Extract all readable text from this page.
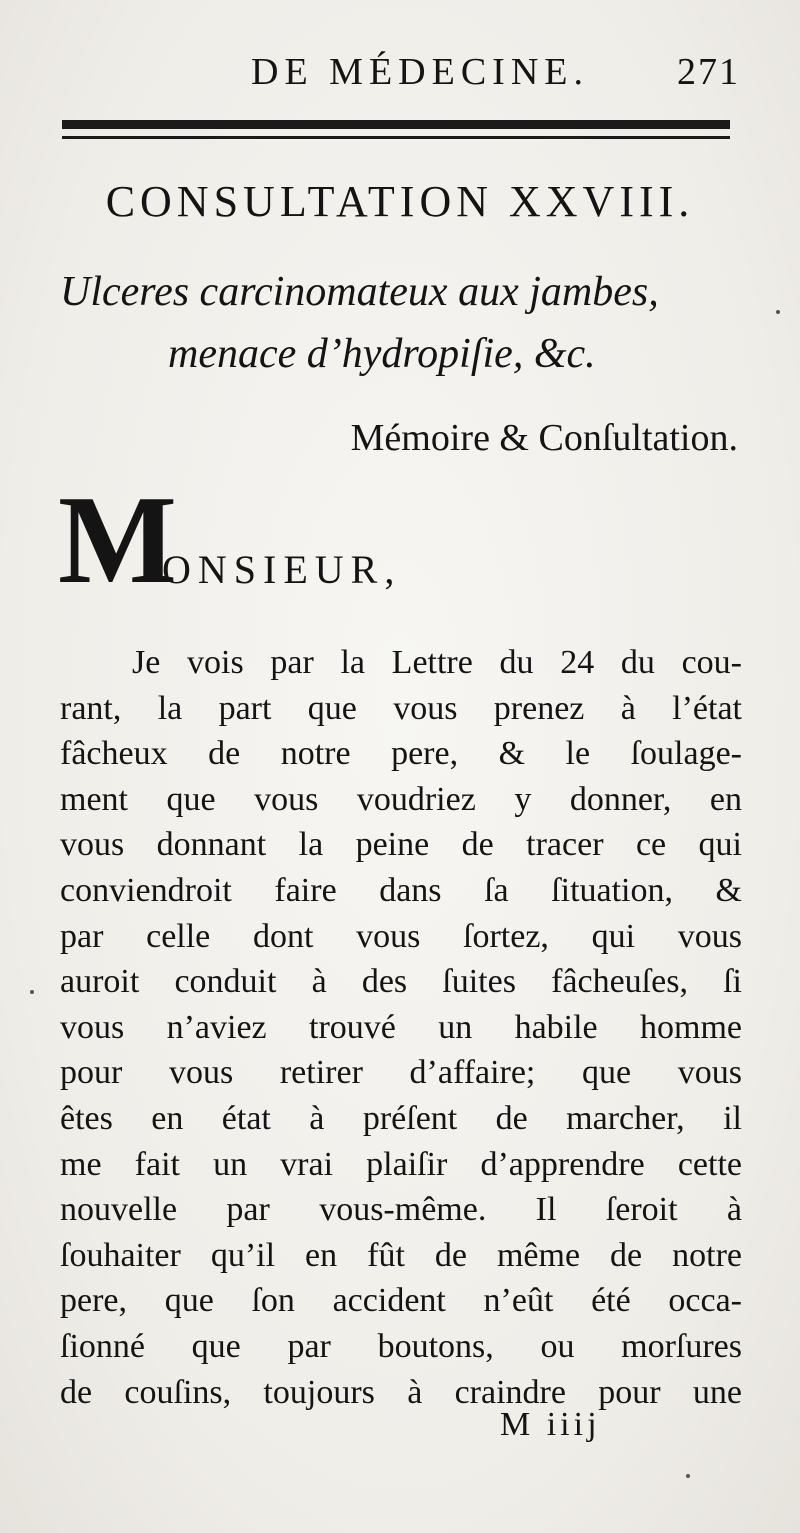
DE MÉDECINE.	271
CONSULTATION XXVIII.
Ulceres carcinomateux aux jambes,
menace d’hydropiſie, &c.
Mémoire & Conſultation.
M
ONSIEUR,
Je vois par la Lettre du 24 du cou-
rant, la part que vous prenez à l’état
fâcheux de notre pere, & le ſoulage-
ment que vous voudriez y donner, en
vous donnant la peine de tracer ce qui
conviendroit faire dans ſa ſituation, &
par celle dont vous ſortez, qui vous
auroit conduit à des ſuites fâcheuſes, ſi
vous n’aviez trouvé un habile homme
pour vous retirer d’affaire; que vous
êtes en état à préſent de marcher, il
me fait un vrai plaiſir d’apprendre cette
nouvelle par vous-même. Il ſeroit à
ſouhaiter qu’il en fût de même de notre
pere, que ſon accident n’eût été occa-
ſionné que par boutons, ou morſures
de couſins, toujours à craindre pour une
M iiij
